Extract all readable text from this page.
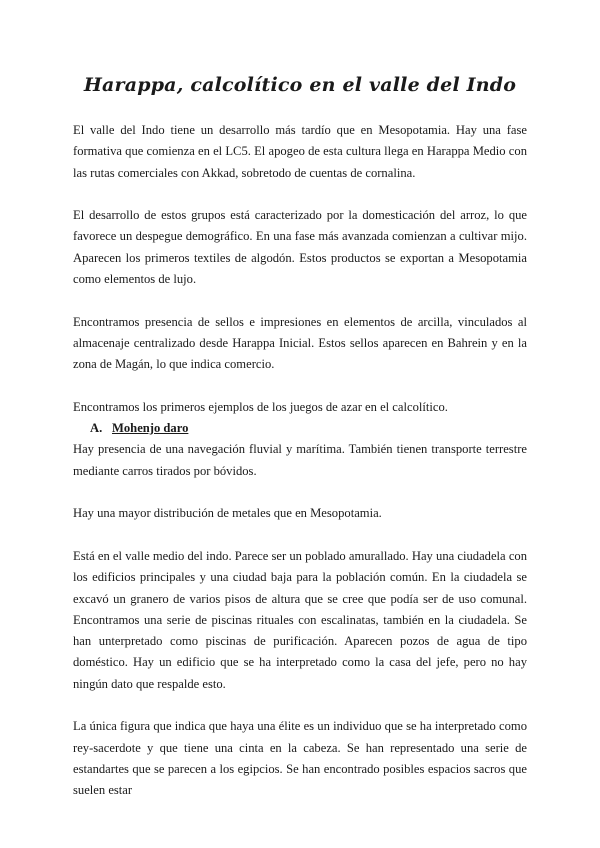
Harappa, calcolítico en el valle del Indo

El valle del Indo tiene un desarrollo más tardío que en Mesopotamia. Hay una fase formativa que comienza en el LC5. El apogeo de esta cultura llega en Harappa Medio con las rutas comerciales con Akkad, sobretodo de cuentas de cornalina.

El desarrollo de estos grupos está caracterizado por la domesticación del arroz, lo que favorece un despegue demográfico. En una fase más avanzada comienzan a cultivar mijo. Aparecen los primeros textiles de algodón. Estos productos se exportan a Mesopotamia como elementos de lujo.

Encontramos presencia de sellos e impresiones en elementos de arcilla, vinculados al almacenaje centralizado desde Harappa Inicial. Estos sellos aparecen en Bahrein y en la zona de Magán, lo que indica comercio.

Encontramos los primeros ejemplos de los juegos de azar en el calcolítico.

A. Mohenjo daro

Hay presencia de una navegación fluvial y marítima. También tienen transporte terrestre mediante carros tirados por bóvidos.

Hay una mayor distribución de metales que en Mesopotamia.

Está en el valle medio del indo. Parece ser un poblado amurallado. Hay una ciudadela con los edificios principales y una ciudad baja para la población común. En la ciudadela se excavó un granero de varios pisos de altura que se cree que podía ser de uso comunal. Encontramos una serie de piscinas rituales con escalinatas, también en la ciudadela. Se han unterpretado como piscinas de purificación. Aparecen pozos de agua de tipo doméstico. Hay un edificio que se ha interpretado como la casa del jefe, pero no hay ningún dato que respalde esto.

La única figura que indica que haya una élite es un individuo que se ha interpretado como rey-sacerdote y que tiene una cinta en la cabeza. Se han representado una serie de estandartes que se parecen a los egipcios. Se han encontrado posibles espacios sacros que suelen estar
